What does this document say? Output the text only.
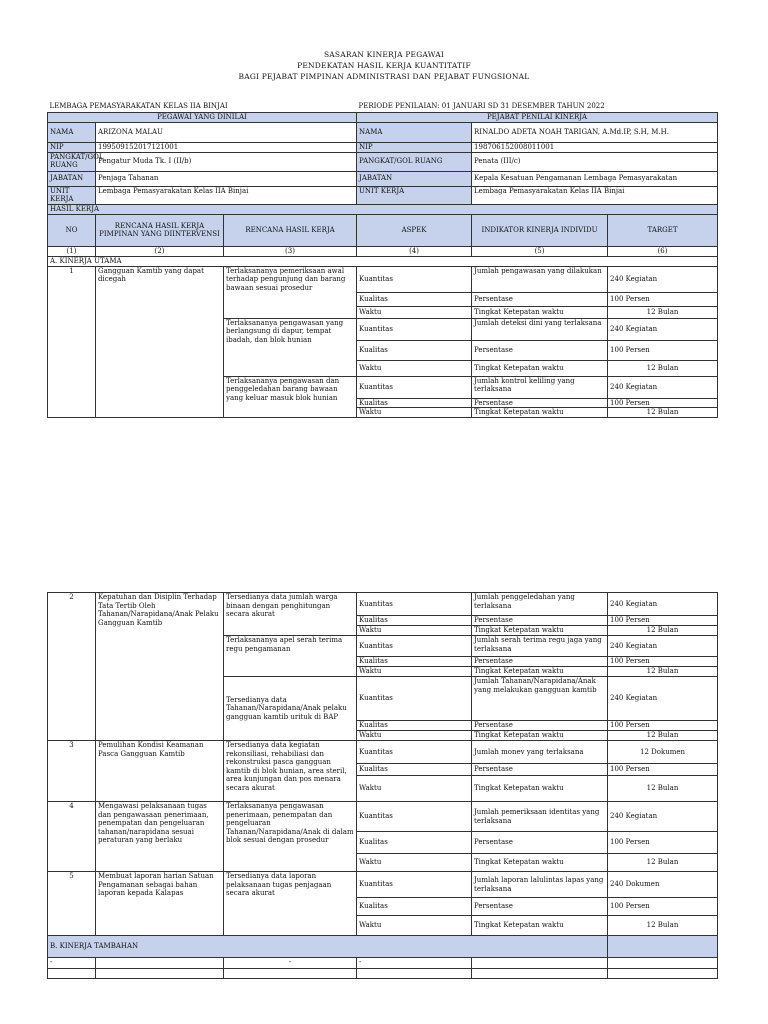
SASARAN KINERJA PEGAWAI
PENDEKATAN HASIL KERJA KUANTITATIF
BAGI PEJABAT PIMPINAN ADMINISTRASI DAN PEJABAT FUNGSIONAL
LEMBAGA PEMASYARAKATAN KELAS IIA BINJAI			PERIODE PENILAIAN: 01 JANUARI SD 31 DESEMBER TAHUN 2022		
PEGAWAI YANG DINILAI			PEJABAT PENILAI KINERJA		
NAMA	ARIZONA MALAU		NAMA	RINALDO ADETA NOAH TARIGAN, A.Md.IP, S.H, M.H.	
NIP	199509152017121001		NIP	198706152008011001	
PANGKAT/GOL RUANG	Pengatur Muda Tk. I (II/b)		PANGKAT/GOL RUANG	Penata (III/c)	
JABATAN	Penjaga Tahanan		JABATAN	Kepala Kesatuan Pengamanan Lembaga Pemasyarakatan	
UNIT KERJA	Lembaga Pemasyarakatan Kelas IIA Binjai		UNIT KERJA	Lembaga Pemasyarakatan Kelas IIA Binjai	
HASIL KERJA					
NO	RENCANA HASIL KERJA PIMPINAN YANG DIINTERVENSI	RENCANA HASIL KERJA	ASPEK	INDIKATOR KINERJA INDIVIDU	TARGET
(1)	(2)	(3)	(4)	(5)	(6)
A. KINERJA UTAMA					
1	Gangguan Kamtib yang dapat dicegah	Terlaksananya pemeriksaan awal terhadap pengunjung dan barang bawaan sesuai prosedur	Kuantitas	Jumlah pengawasan yang dilakukan	240 Kegiatan
			Kualitas	Persentase	100 Persen
			Waktu	Tingkat Ketepatan waktu	12 Bulan
		Terlaksananya pengawasan yang berlangsung di dapur, tempat ibadah, dan blok hunian	Kuantitas	Jumlah deteksi dini yang terlaksana	240 Kegiatan
			Kualitas	Persentase	100 Persen
			Waktu	Tingkat Ketepatan waktu	12 Bulan
		Terlaksananya pengawasan dan penggeledahan barang bawaan yang keluar masuk blok hunian	Kuantitas	Jumlah kontrol keliling yang terlaksana	240 Kegiatan
			Kualitas	Persentase	100 Persen
			Waktu	Tingkat Ketepatan waktu	12 Bulan
2	Kepatuhan dan Disiplin Terhadap Tata Tertib Oleh Tahanan/Narapidana/Anak Pelaku Gangguan Kamtib	Tersedianya data jumlah warga binaan dengan penghitungan secara akurat	Kuantitas	Jumlah penggeledahan yang terlaksana	240 Kegiatan
			Kualitas	Persentase	100 Persen
			Waktu	Tingkat Ketepatan waktu	12 Bulan
		Terlaksananya apel serah terima regu pengamanan	Kuantitas	Jumlah serah terima regu jaga yang terlaksana	240 Kegiatan
			Kualitas	Persentase	100 Persen
			Waktu	Tingkat Ketepatan waktu	12 Bulan
		Tersedianya data Tahanan/Narapidana/Anak pelaku gangguan kamtib urituk di BAP	Kuantitas	Jumlah Tahanan/Narapidana/Anak yang melakukan gangguan kamtib	240 Kegiatan
			Kualitas	Persentase	100 Persen
			Waktu	Tingkat Ketepatan waktu	12 Bulan
3	Pemulihan Kondisi Keamanan Pasca Gangguan Kamtib	Tersedianya data kegiatan rekonsiliasi, rehabiliasi dan rekonstruksi pasca gangguan kamtib di blok hunian, area steril, area kunjungan dan pos menara secara akurat	Kuantitas	Jumlah monev yang terlaksana	12 Dokumen
			Kualitas	Persentase	100 Persen
			Waktu	Tingkat Ketepatan waktu	12 Bulan
4	Mengawasi pelaksanaan tugas dan pengawasaan penerimaan, penempatan dan pengeluaran tahanan/narapidana sesuai peraturan yang berlaku	Terlaksananya pengawasan penerimaan, penempatan dan pengeluaran Tahanan/Narapidana/Anak di dalam blok sesuai dengan prosedur	Kuantitas	Jumlah pemeriksaan identitas yang terlaksana	240 Kegiatan
			Kualitas	Persentase	100 Persen
			Waktu	Tingkat Ketepatan waktu	12 Bulan
5	Membuat laporan harian Satuan Pengamanan sebagai bahan laporan kepada Kalapas	Tersedianya data laporan pelaksanaan tugas penjagaan secara akurat	Kuantitas	Jumlah laporan lalulintas lapas yang terlaksana	240 Dokumen
			Kualitas	Persentase	100 Persen
			Waktu	Tingkat Ketepatan waktu	12 Bulan
B. KINERJA TAMBAHAN					
-		-	-		
